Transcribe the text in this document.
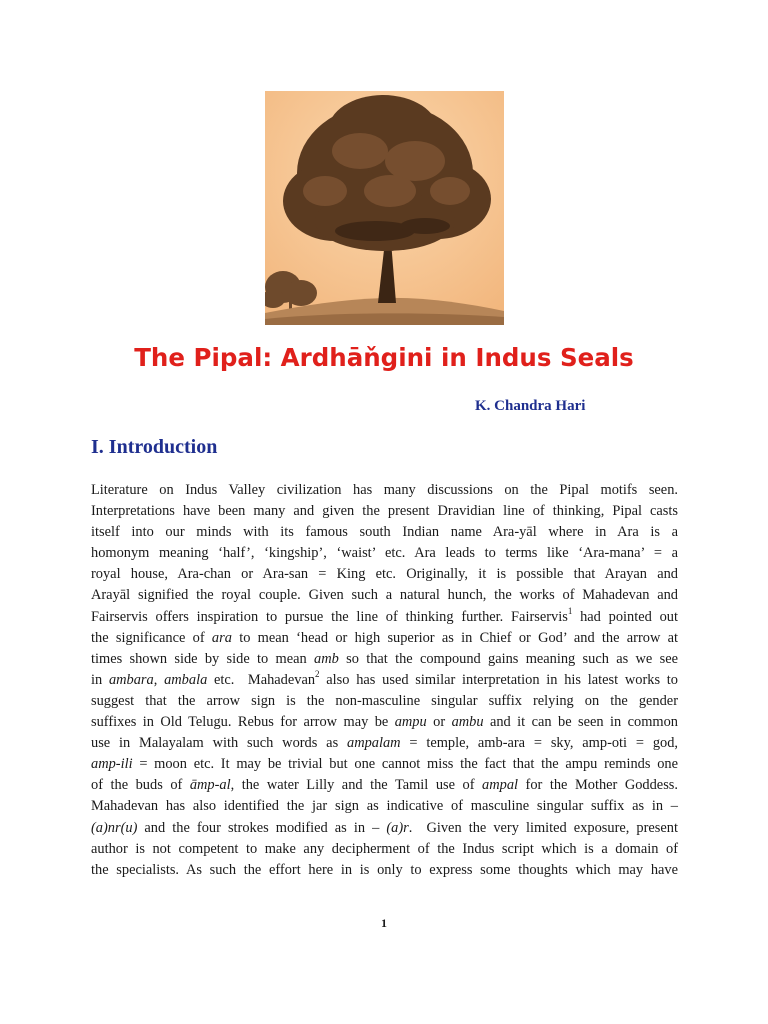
The Pipal: Ardhāňgini in Indus Seals
K. Chandra Hari
I. Introduction
Literature on Indus Valley civilization has many discussions on the Pipal motifs seen.
Interpretations have been many and given the present Dravidian line of thinking, Pipal casts
itself into our minds with its famous south Indian name Ara-yāl where in Ara is a
homonym meaning ‘half’, ‘kingship’, ‘waist’ etc. Ara leads to terms like ‘Ara-mana’ = a
royal house, Ara-chan or Ara-san = King etc. Originally, it is possible that Arayan and
Arayāl signified the royal couple. Given such a natural hunch, the works of Mahadevan and
Fairservis offers inspiration to pursue the line of thinking further. Fairservis$^1$ had pointed out
the significance of ara to mean ‘head or high superior as in Chief or God’ and the arrow at
times shown side by side to mean amb so that the compound gains meaning such as we see
in ambara, ambala etc.  Mahadevan$^2$ also has used similar interpretation in his latest works to
suggest that the arrow sign is the non-masculine singular suffix relying on the gender
suffixes in Old Telugu. Rebus for arrow may be ampu or ambu and it can be seen in common
use in Malayalam with such words as ampalam = temple, amb-ara = sky, amp-oti = god,
amp-ili = moon etc. It may be trivial but one cannot miss the fact that the ampu reminds one
of the buds of āmp-al, the water Lilly and the Tamil use of ampal for the Mother Goddess.
Mahadevan has also identified the jar sign as indicative of masculine singular suffix as in –
(a)nr(u) and the four strokes modified as in – (a)r.  Given the very limited exposure, present
author is not competent to make any decipherment of the Indus script which is a domain of
the specialists. As such the effort here in is only to express some thoughts which may have
1
